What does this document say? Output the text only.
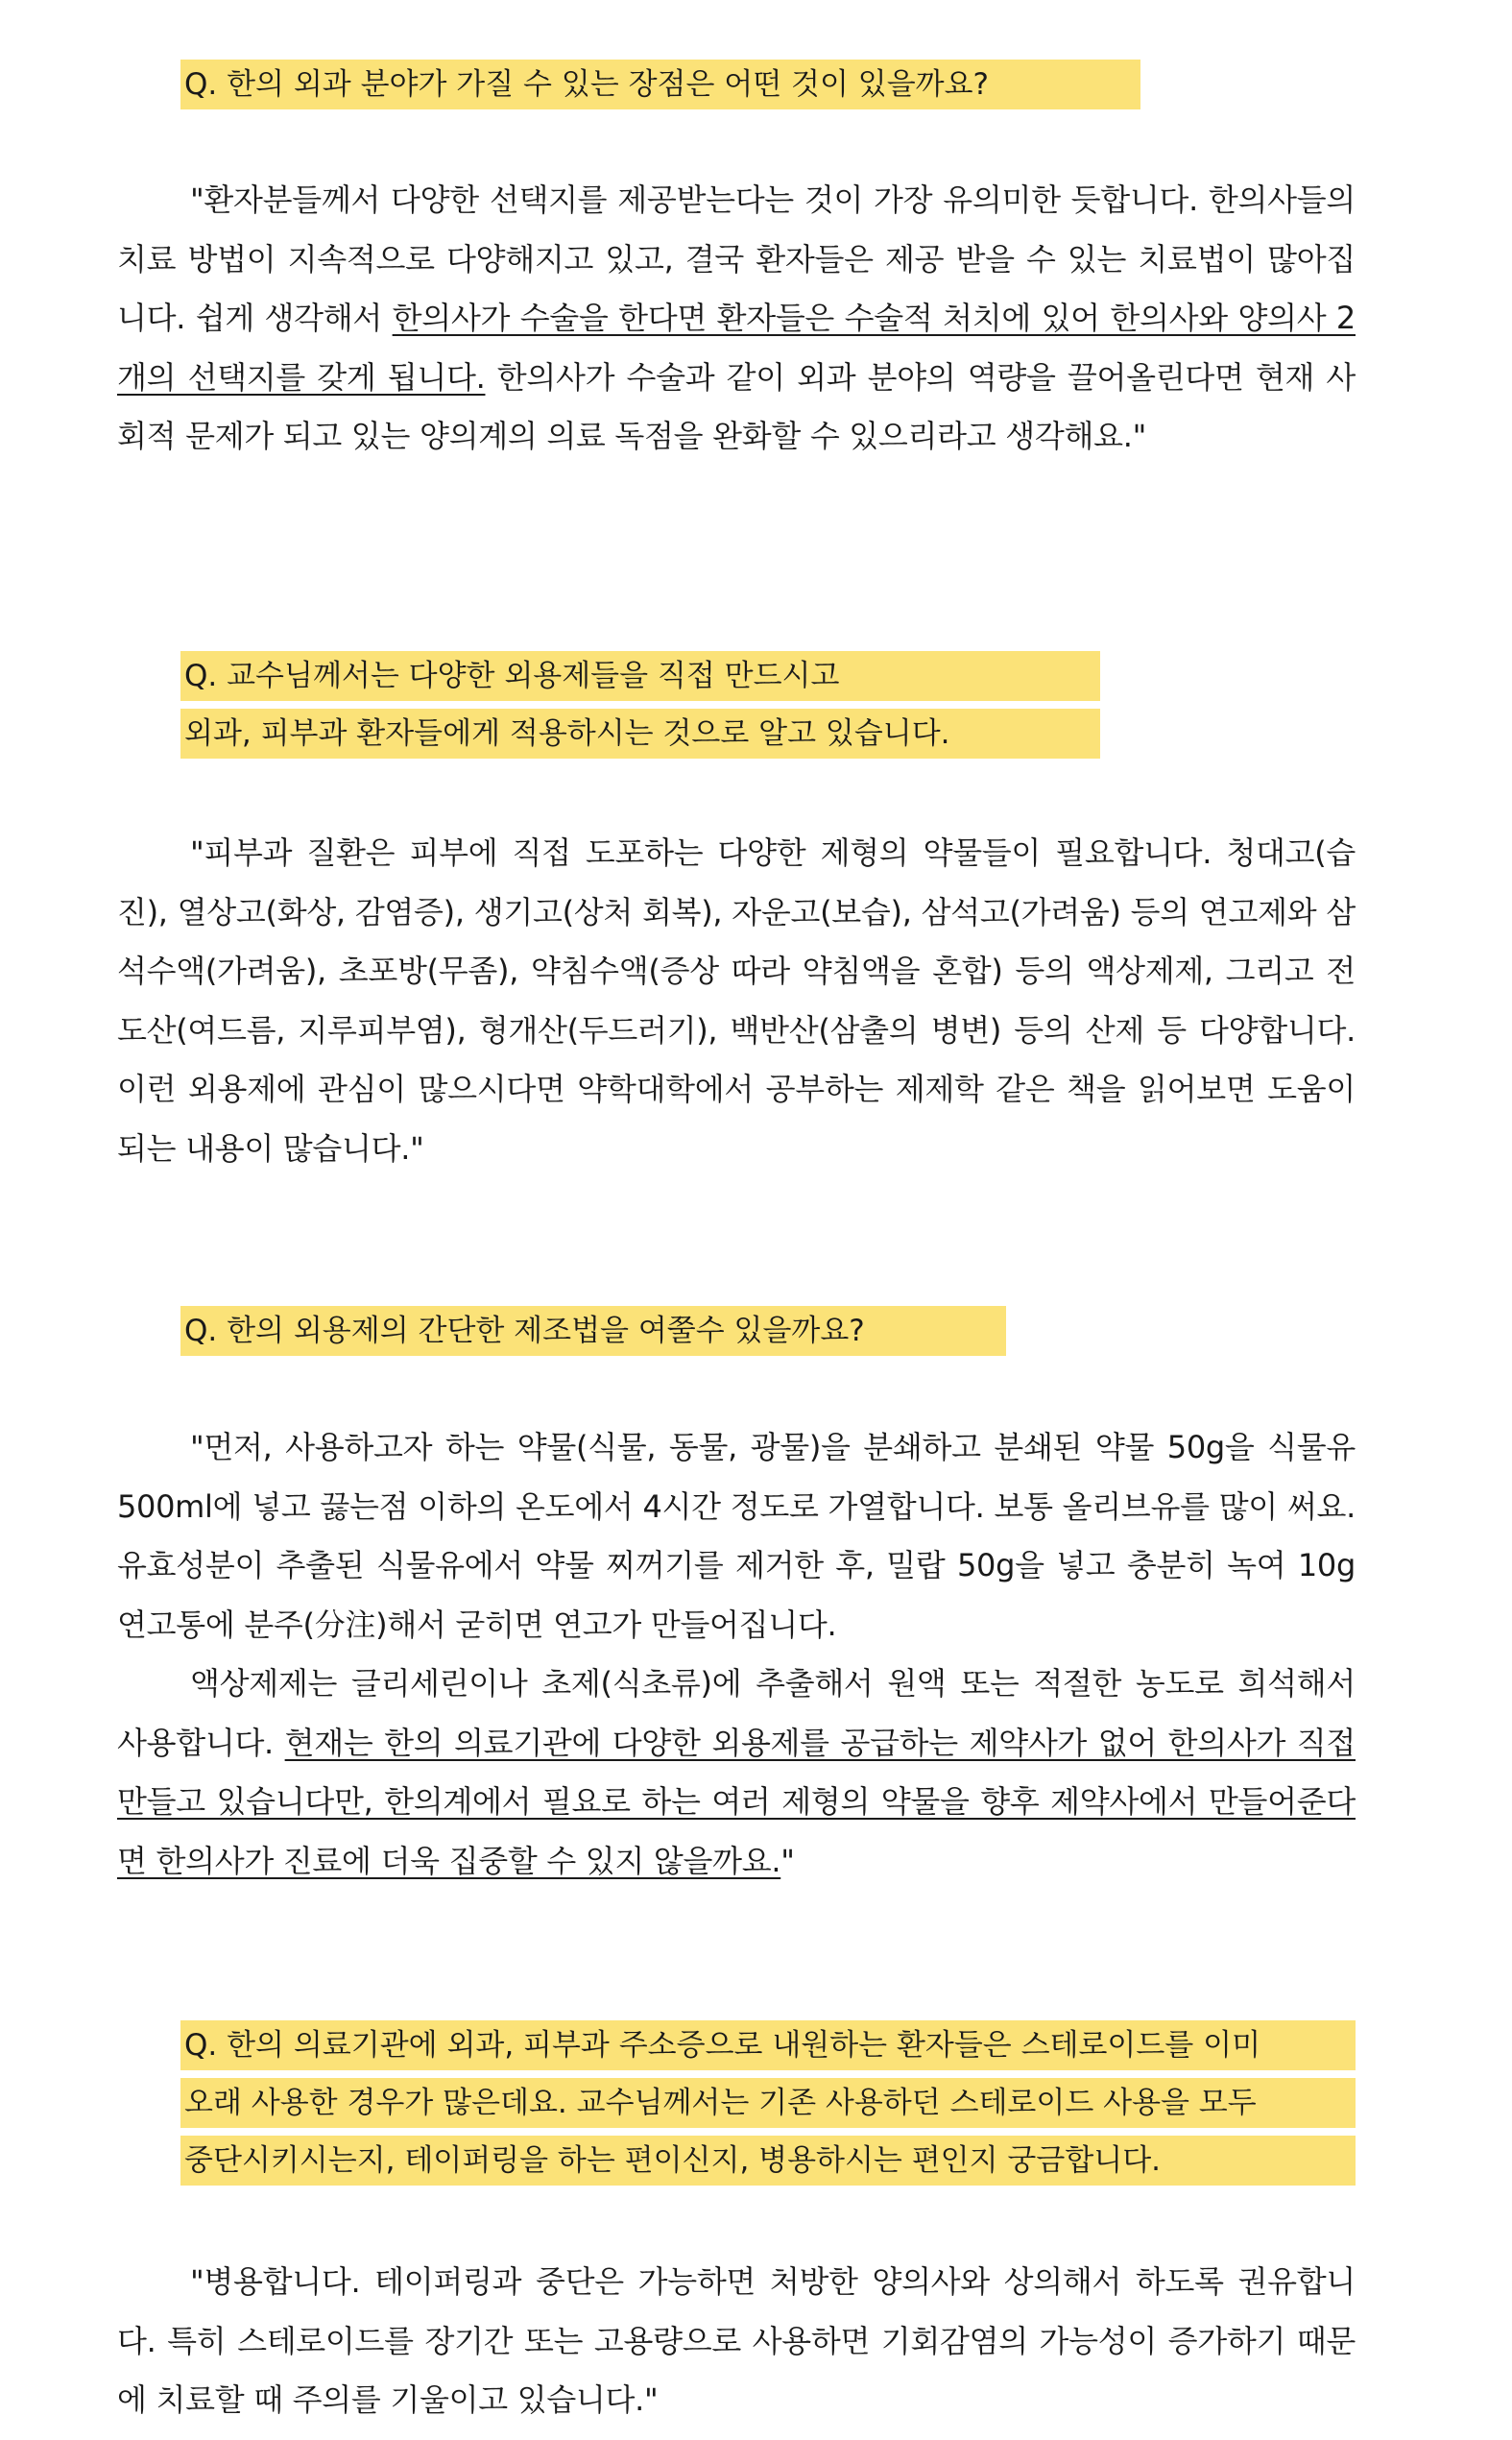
Q. 한의 외과 분야가 가질 수 있는 장점은 어떤 것이 있을까요?
"환자분들께서 다양한 선택지를 제공받는다는 것이 가장 유의미한 듯합니다. 한의사들의 치료 방법이 지속적으로 다양해지고 있고, 결국 환자들은 제공 받을 수 있는 치료법이 많아집니다. 쉽게 생각해서 한의사가 수술을 한다면 환자들은 수술적 처치에 있어 한의사와 양의사 2개의 선택지를 갖게 됩니다. 한의사가 수술과 같이 외과 분야의 역량을 끌어올린다면 현재 사회적 문제가 되고 있는 양의계의 의료 독점을 완화할 수 있으리라고 생각해요."
Q. 교수님께서는 다양한 외용제들을 직접 만드시고
외과, 피부과 환자들에게 적용하시는 것으로 알고 있습니다.
"피부과 질환은 피부에 직접 도포하는 다양한 제형의 약물들이 필요합니다. 청대고(습진), 열상고(화상, 감염증), 생기고(상처 회복), 자운고(보습), 삼석고(가려움) 등의 연고제와 삼석수액(가려움), 초포방(무좀), 약침수액(증상 따라 약침액을 혼합) 등의 액상제제, 그리고 전도산(여드름, 지루피부염), 형개산(두드러기), 백반산(삼출의 병변) 등의 산제 등 다양합니다. 이런 외용제에 관심이 많으시다면 약학대학에서 공부하는 제제학 같은 책을 읽어보면 도움이 되는 내용이 많습니다."
Q. 한의 외용제의 간단한 제조법을 여쭐수 있을까요?
"먼저, 사용하고자 하는 약물(식물, 동물, 광물)을 분쇄하고 분쇄된 약물 50g을 식물유 500ml에 넣고 끓는점 이하의 온도에서 4시간 정도로 가열합니다. 보통 올리브유를 많이 써요. 유효성분이 추출된 식물유에서 약물 찌꺼기를 제거한 후, 밀랍 50g을 넣고 충분히 녹여 10g 연고통에 분주(分注)해서 굳히면 연고가 만들어집니다.
액상제제는 글리세린이나 초제(식초류)에 추출해서 원액 또는 적절한 농도로 희석해서 사용합니다. 현재는 한의 의료기관에 다양한 외용제를 공급하는 제약사가 없어 한의사가 직접 만들고 있습니다만, 한의계에서 필요로 하는 여러 제형의 약물을 향후 제약사에서 만들어준다면 한의사가 진료에 더욱 집중할 수 있지 않을까요."
Q. 한의 의료기관에 외과, 피부과 주소증으로 내원하는 환자들은 스테로이드를 이미
오래 사용한 경우가 많은데요. 교수님께서는 기존 사용하던 스테로이드 사용을 모두
중단시키시는지, 테이퍼링을 하는 편이신지, 병용하시는 편인지 궁금합니다.
"병용합니다. 테이퍼링과 중단은 가능하면 처방한 양의사와 상의해서 하도록 권유합니다. 특히 스테로이드를 장기간 또는 고용량으로 사용하면 기회감염의 가능성이 증가하기 때문에 치료할 때 주의를 기울이고 있습니다."
